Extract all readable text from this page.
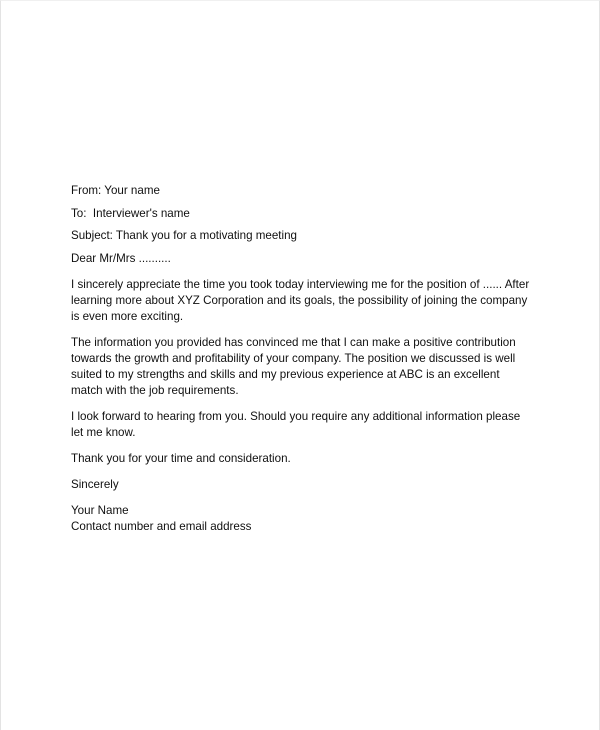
From: Your name

To:  Interviewer's name

Subject: Thank you for a motivating meeting

Dear Mr/Mrs ..........

I sincerely appreciate the time you took today interviewing me for the position of ...... After learning more about XYZ Corporation and its goals, the possibility of joining the company is even more exciting.

The information you provided has convinced me that I can make a positive contribution towards the growth and profitability of your company. The position we discussed is well suited to my strengths and skills and my previous experience at ABC is an excellent match with the job requirements.

I look forward to hearing from you. Should you require any additional information please let me know.

Thank you for your time and consideration.

Sincerely

Your Name
Contact number and email address
